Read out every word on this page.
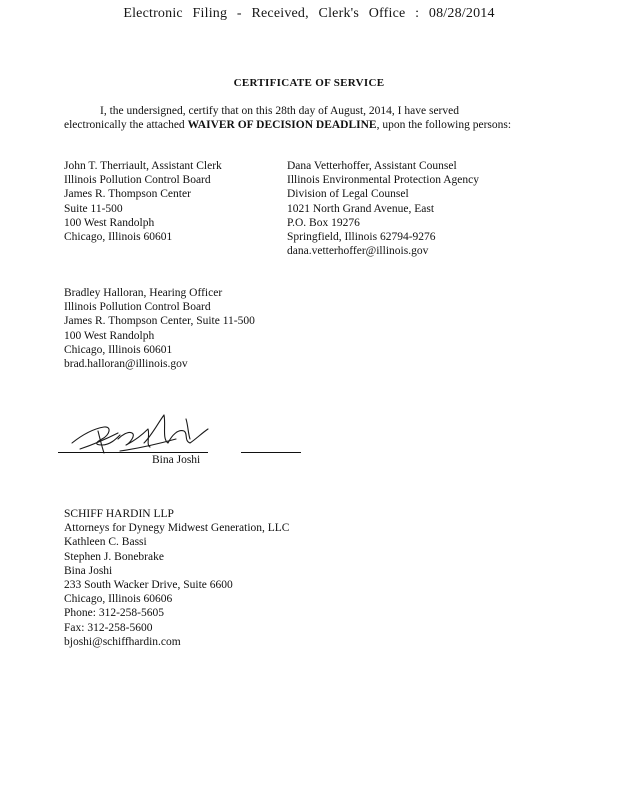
Electronic Filing - Received, Clerk's Office : 08/28/2014
CERTIFICATE OF SERVICE
I, the undersigned, certify that on this 28th day of August, 2014, I have served electronically the attached WAIVER OF DECISION DEADLINE, upon the following persons:
John T. Therriault, Assistant Clerk
Illinois Pollution Control Board
James R. Thompson Center
Suite 11-500
100 West Randolph
Chicago, Illinois 60601
Dana Vetterhoffer, Assistant Counsel
Illinois Environmental Protection Agency
Division of Legal Counsel
1021 North Grand Avenue, East
P.O. Box 19276
Springfield, Illinois 62794-9276
dana.vetterhoffer@illinois.gov
Bradley Halloran, Hearing Officer
Illinois Pollution Control Board
James R. Thompson Center, Suite 11-500
100 West Randolph
Chicago, Illinois 60601
brad.halloran@illinois.gov
Bina Joshi
SCHIFF HARDIN LLP
Attorneys for Dynegy Midwest Generation, LLC
Kathleen C. Bassi
Stephen J. Bonebrake
Bina Joshi
233 South Wacker Drive, Suite 6600
Chicago, Illinois 60606
Phone: 312-258-5605
Fax: 312-258-5600
bjoshi@schiffhardin.com
